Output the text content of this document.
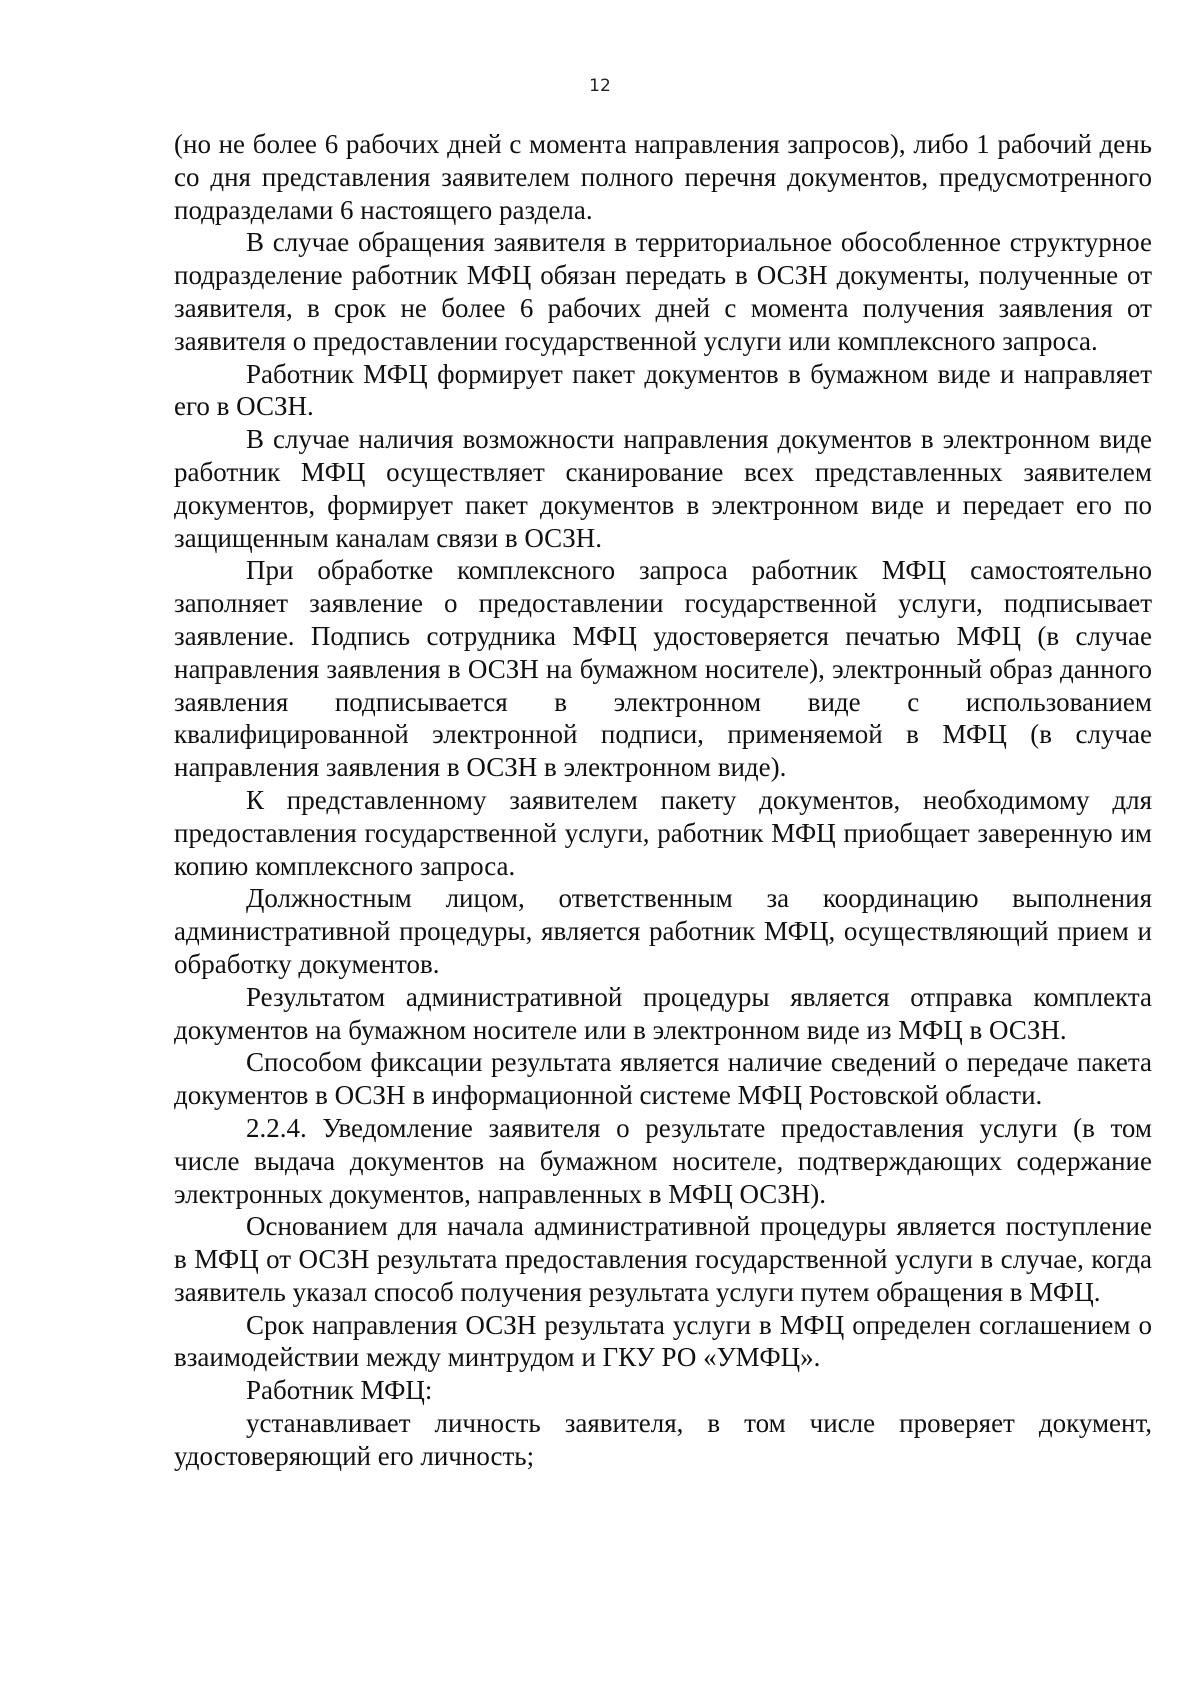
12

(но не более 6 рабочих дней с момента направления запросов), либо 1 рабочий день со дня представления заявителем полного перечня документов, предусмотренного подразделами 6 настоящего раздела.

В случае обращения заявителя в территориальное обособленное структурное подразделение работник МФЦ обязан передать в ОСЗН документы, полученные от заявителя, в срок не более 6 рабочих дней с момента получения заявления от заявителя о предоставлении государственной услуги или комплексного запроса.

Работник МФЦ формирует пакет документов в бумажном виде и направляет его в ОСЗН.

В случае наличия возможности направления документов в электронном виде работник МФЦ осуществляет сканирование всех представленных заявителем документов, формирует пакет документов в электронном виде и передает его по защищенным каналам связи в ОСЗН.

При обработке комплексного запроса работник МФЦ самостоятельно заполняет заявление о предоставлении государственной услуги, подписывает заявление. Подпись сотрудника МФЦ удостоверяется печатью МФЦ (в случае направления заявления в ОСЗН на бумажном носителе), электронный образ данного заявления подписывается в электронном виде с использованием квалифицированной электронной подписи, применяемой в МФЦ (в случае направления заявления в ОСЗН в электронном виде).

К представленному заявителем пакету документов, необходимому для предоставления государственной услуги, работник МФЦ приобщает заверенную им копию комплексного запроса.

Должностным лицом, ответственным за координацию выполнения административной процедуры, является работник МФЦ, осуществляющий прием и обработку документов.

Результатом административной процедуры является отправка комплекта документов на бумажном носителе или в электронном виде из МФЦ в ОСЗН.

Способом фиксации результата является наличие сведений о передаче пакета документов в ОСЗН в информационной системе МФЦ Ростовской области.

2.2.4. Уведомление заявителя о результате предоставления услуги (в том числе выдача документов на бумажном носителе, подтверждающих содержание электронных документов, направленных в МФЦ ОСЗН).

Основанием для начала административной процедуры является поступление в МФЦ от ОСЗН результата предоставления государственной услуги в случае, когда заявитель указал способ получения результата услуги путем обращения в МФЦ.

Срок направления ОСЗН результата услуги в МФЦ определен соглашением о взаимодействии между минтрудом и ГКУ РО «УМФЦ».

Работник МФЦ:

устанавливает личность заявителя, в том числе проверяет документ, удостоверяющий его личность;
